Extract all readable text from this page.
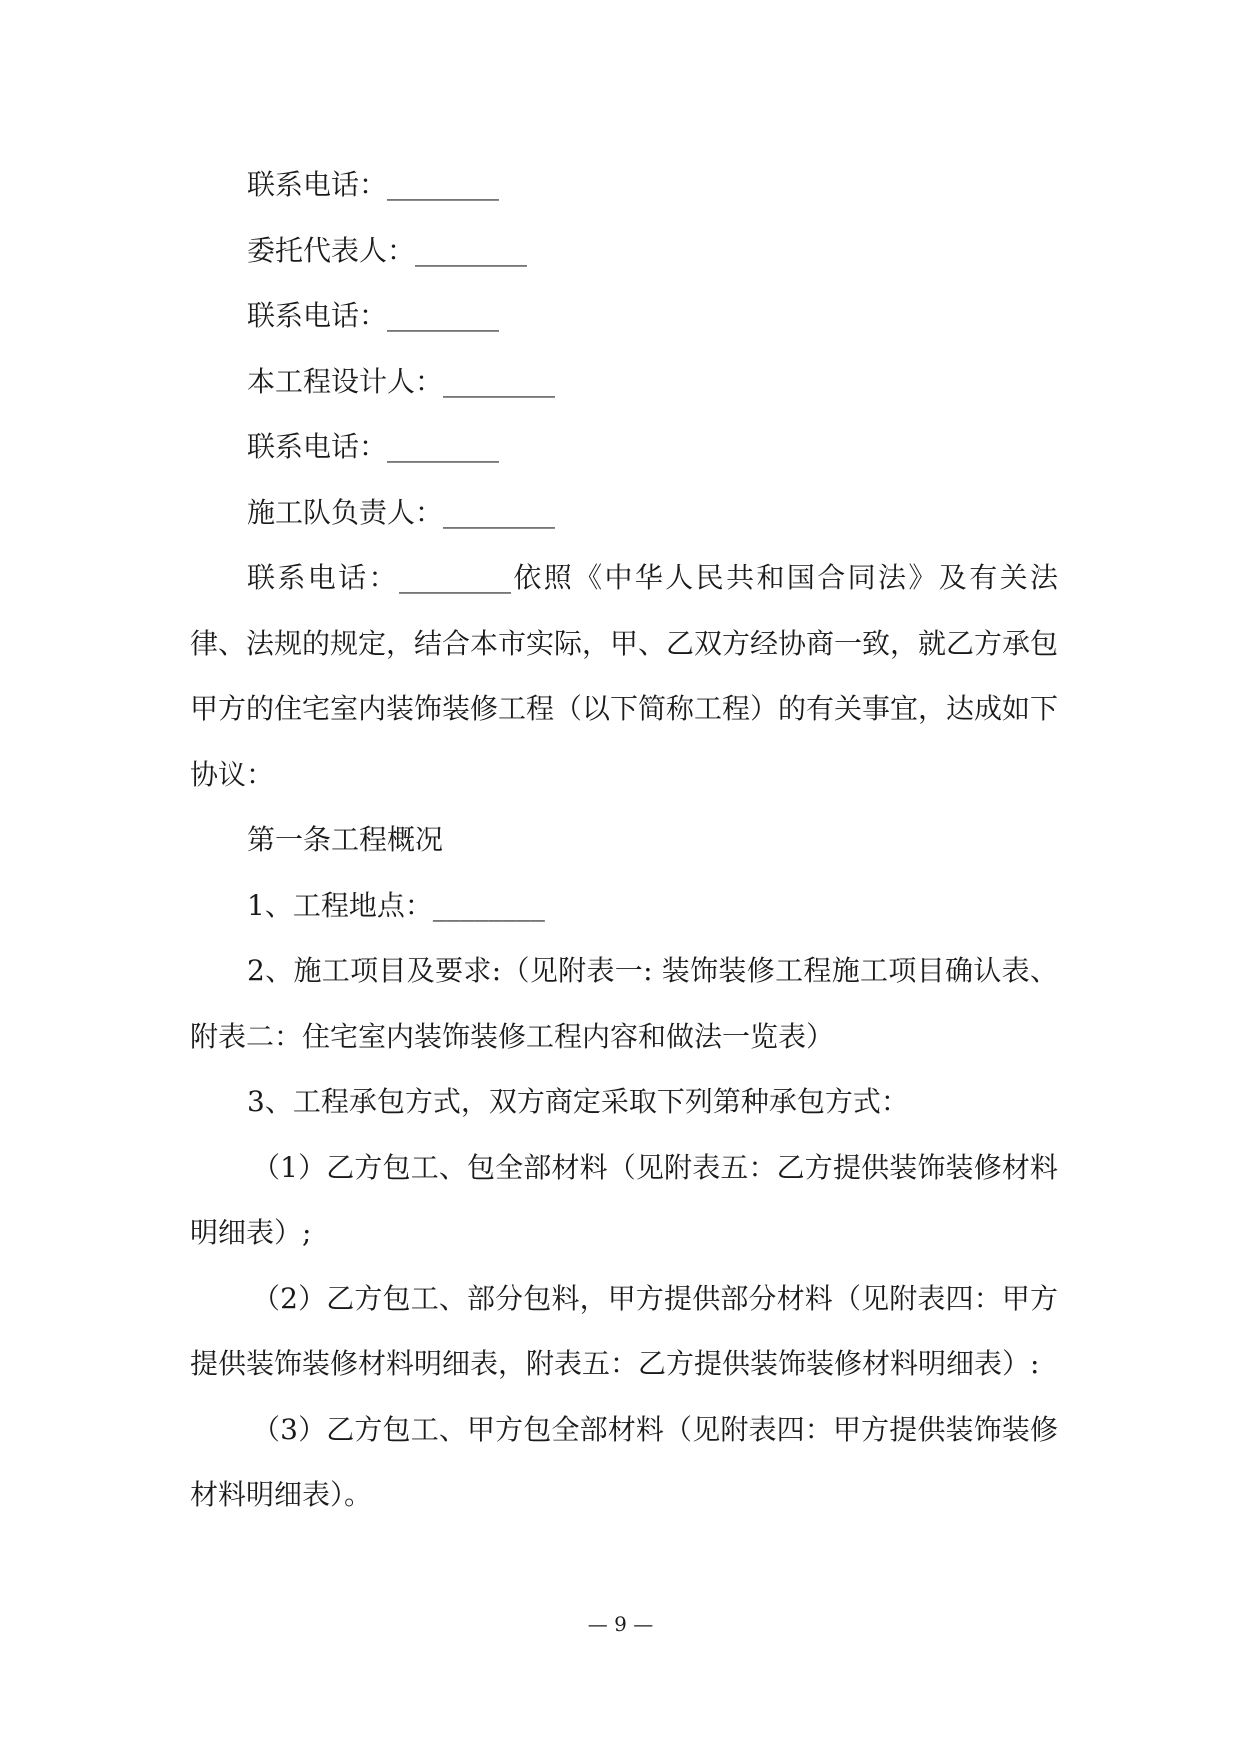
联系电话：________

委托代表人：________

联系电话：________

本工程设计人：________

联系电话：________

施工队负责人：________

联系电话：________依照《中华人民共和国合同法》及有关法律、法规的规定，结合本市实际，甲、乙双方经协商一致，就乙方承包甲方的住宅室内装饰装修工程（以下简称工程）的有关事宜，达成如下协议：

第一条工程概况

1、工程地点：________

2、施工项目及要求:（见附表一: 装饰装修工程施工项目确认表、附表二：住宅室内装饰装修工程内容和做法一览表）

3、工程承包方式，双方商定采取下列第种承包方式：

（1）乙方包工、包全部材料（见附表五：乙方提供装饰装修材料明细表）;

（2）乙方包工、部分包料，甲方提供部分材料（见附表四：甲方提供装饰装修材料明细表，附表五：乙方提供装饰装修材料明细表）:

（3）乙方包工、甲方包全部材料（见附表四：甲方提供装饰装修材料明细表）。

— 9 —
